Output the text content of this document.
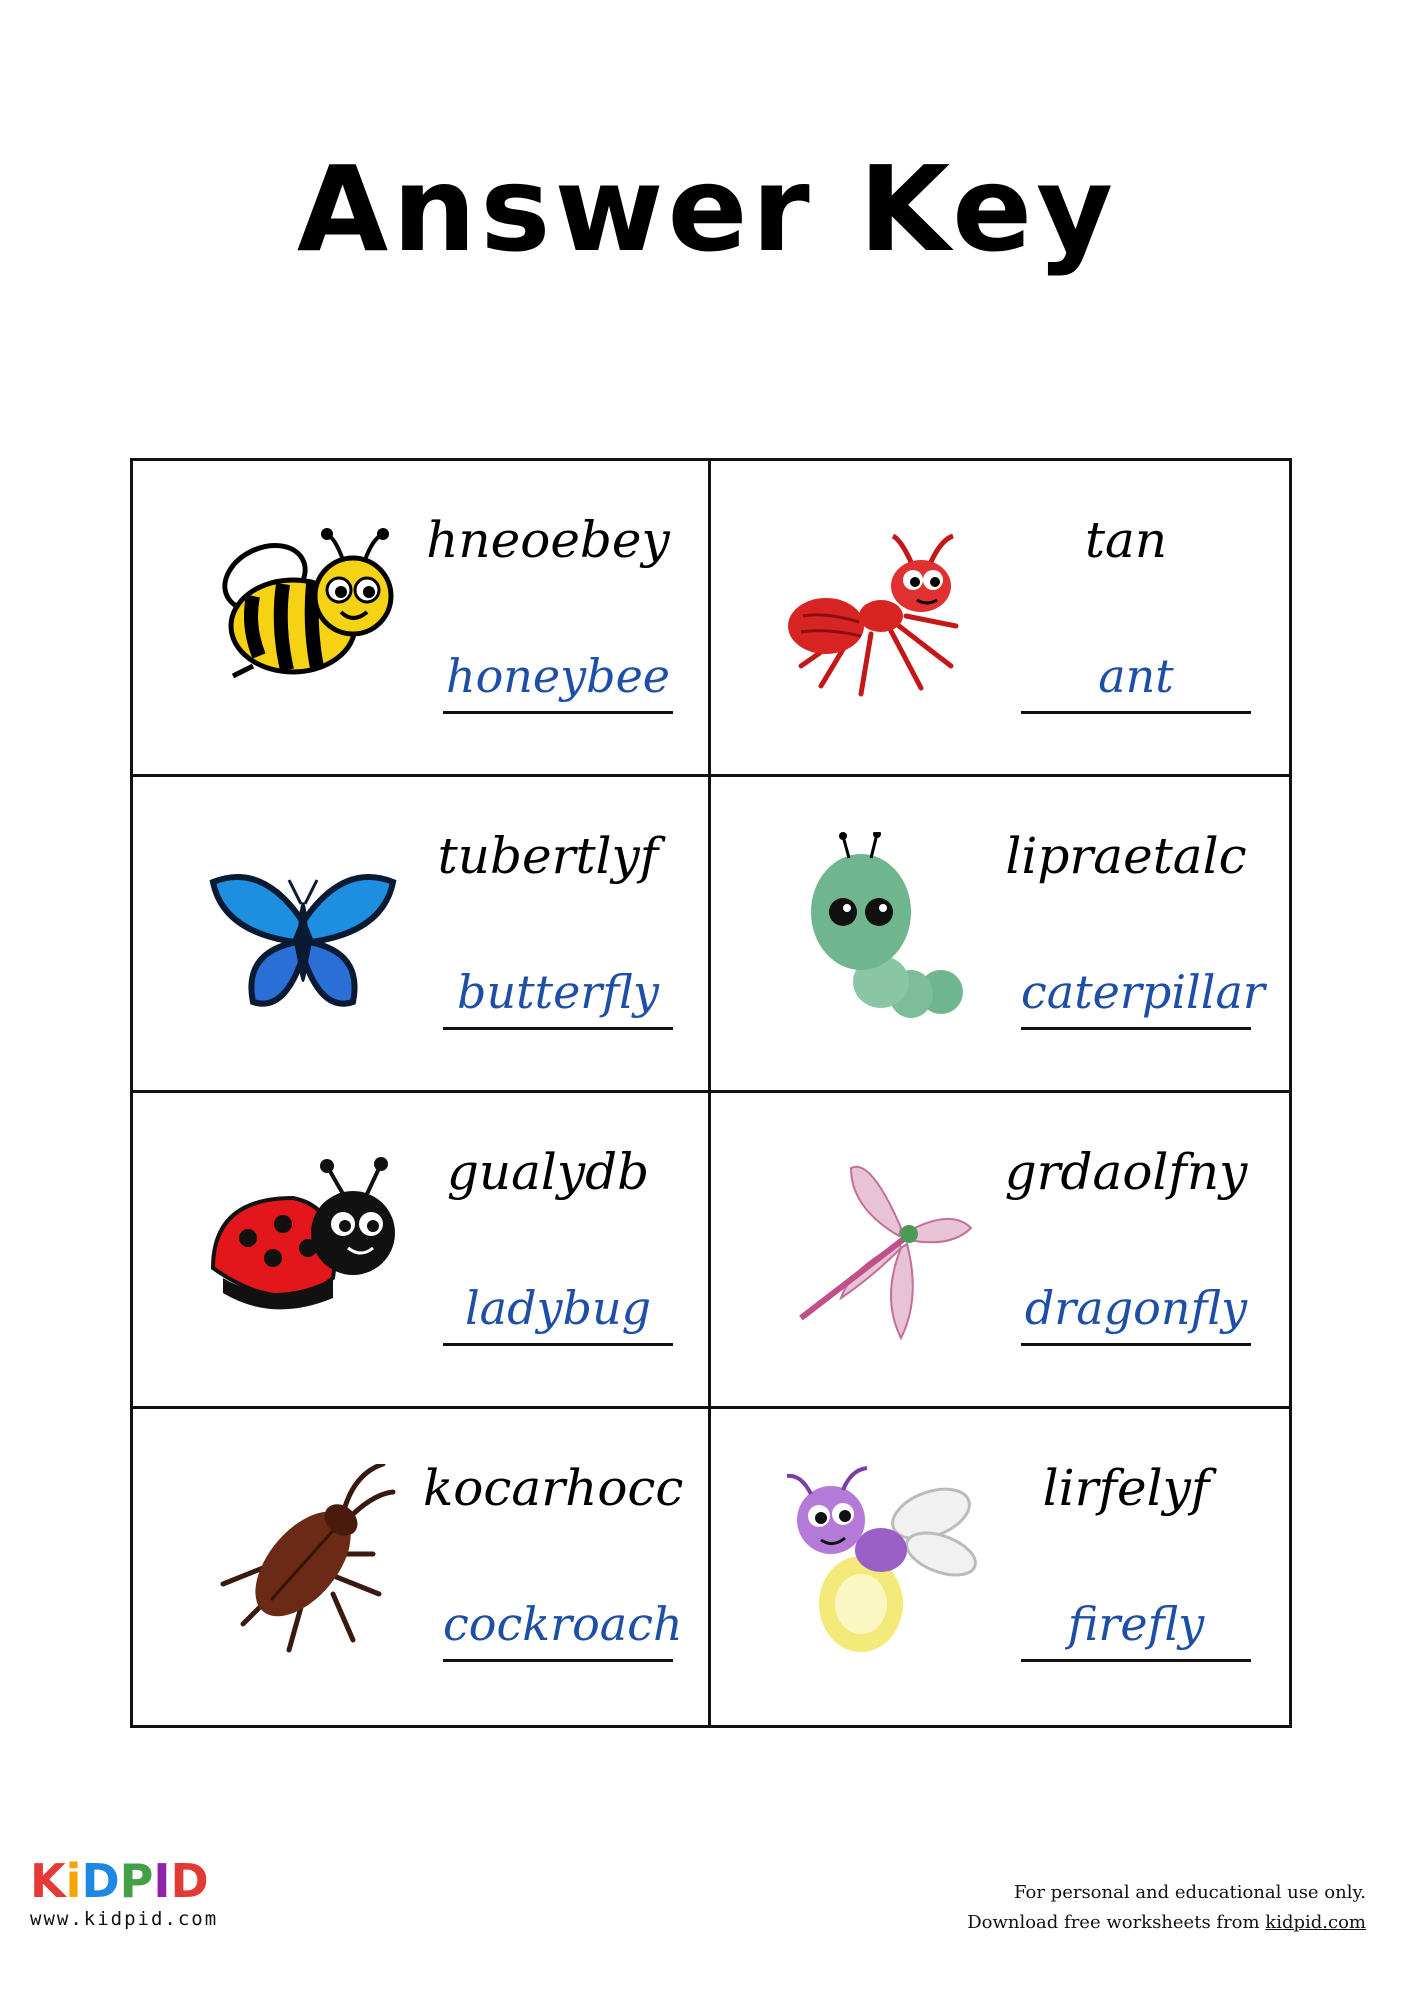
Answer Key
hneoebey
honeybee
tan
ant
tubertlyf
butterfly
lipraetalc
caterpillar
gualydb
ladybug
grdaolfny
dragonfly
kocarhocc
cockroach
lirfelyf
firefly
KiDPID
www.kidpid.com
For personal and educational use only.
Download free worksheets from kidpid.com
